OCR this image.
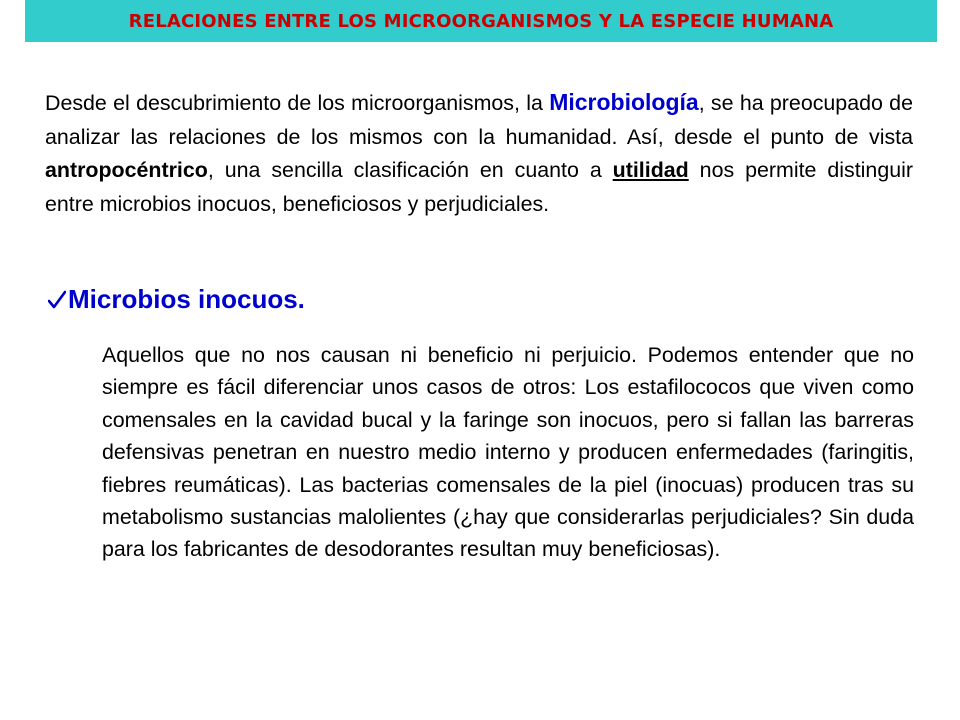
RELACIONES ENTRE LOS MICROORGANISMOS Y LA ESPECIE HUMANA

Desde el descubrimiento de los microorganismos, la Microbiología, se ha preocupado de analizar las relaciones de los mismos con la humanidad. Así, desde el punto de vista antropocéntrico, una sencilla clasificación en cuanto a utilidad nos permite distinguir entre microbios inocuos, beneficiosos y perjudiciales.

Microbios inocuos.

Aquellos que no nos causan ni beneficio ni perjuicio. Podemos entender que no siempre es fácil diferenciar unos casos de otros: Los estafilococos que viven como comensales en la cavidad bucal y la faringe son inocuos, pero si fallan las barreras defensivas penetran en nuestro medio interno y producen enfermedades (faringitis, fiebres reumáticas). Las bacterias comensales de la piel (inocuas) producen tras su metabolismo sustancias malolientes (¿hay que considerarlas perjudiciales? Sin duda para los fabricantes de desodorantes resultan muy beneficiosas).
